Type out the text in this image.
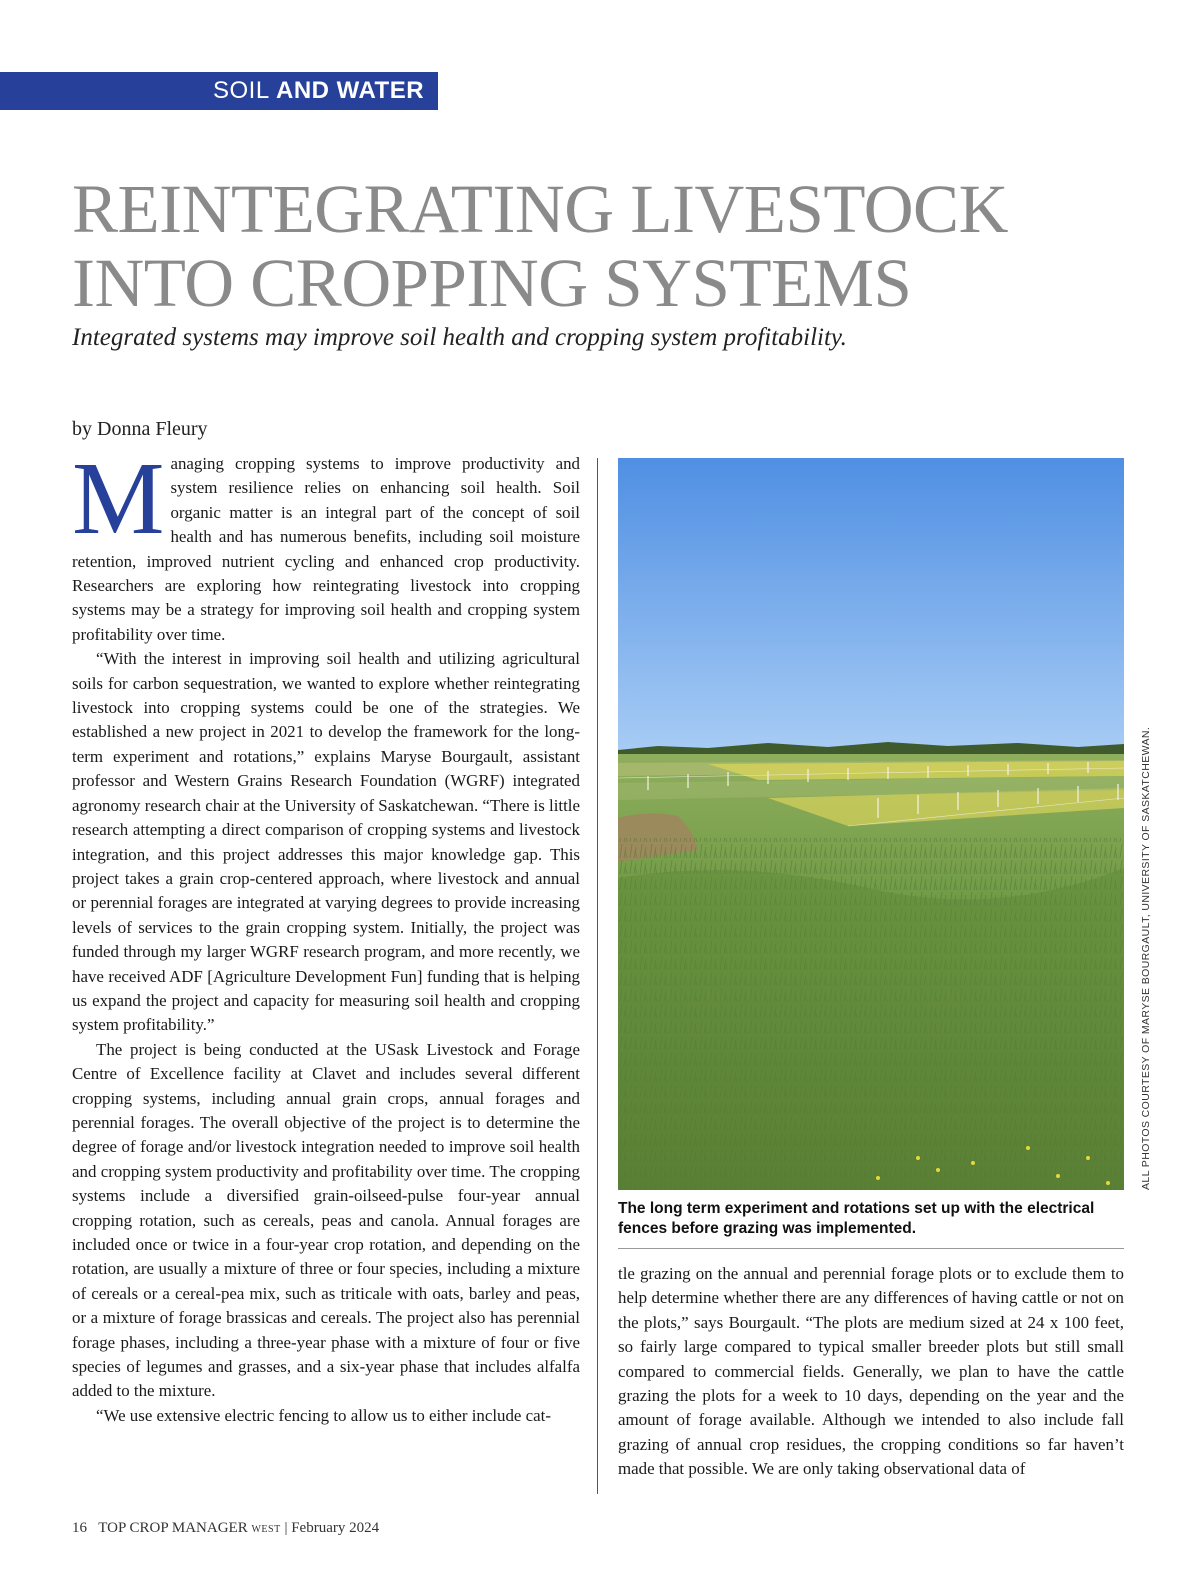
SOIL AND WATER
REINTEGRATING LIVESTOCK
INTO CROPPING SYSTEMS
Integrated systems may improve soil health and cropping system profitability.
by Donna Fleury

Managing cropping systems to improve productivity and system resilience relies on enhancing soil health. Soil organic matter is an integral part of the concept of soil health and has numerous benefits, including soil moisture retention, improved nutrient cycling and enhanced crop productivity. Researchers are exploring how reintegrating livestock into cropping systems may be a strategy for improving soil health and cropping system profitability over time.

“With the interest in improving soil health and utilizing agricultural soils for carbon sequestration, we wanted to explore whether reintegrating livestock into cropping systems could be one of the strategies. We established a new project in 2021 to develop the framework for the long-term experiment and rotations,” explains Maryse Bourgault, assistant professor and Western Grains Research Foundation (WGRF) integrated agronomy research chair at the University of Saskatchewan. “There is little research attempting a direct comparison of cropping systems and livestock integration, and this project addresses this major knowledge gap. This project takes a grain crop-centered approach, where livestock and annual or perennial forages are integrated at varying degrees to provide increasing levels of services to the grain cropping system. Initially, the project was funded through my larger WGRF research program, and more recently, we have received ADF [Agriculture Development Fun] funding that is helping us expand the project and capacity for measuring soil health and cropping system profitability.”

The project is being conducted at the USask Livestock and Forage Centre of Excellence facility at Clavet and includes several different cropping systems, including annual grain crops, annual forages and perennial forages. The overall objective of the project is to determine the degree of forage and/or livestock integration needed to improve soil health and cropping system productivity and profitability over time. The cropping systems include a diversified grain-oilseed-pulse four-year annual cropping rotation, such as cereals, peas and canola. Annual forages are included once or twice in a four-year crop rotation, and depending on the rotation, are usually a mixture of three or four species, including a mixture of cereals or a cereal-pea mix, such as triticale with oats, barley and peas, or a mixture of forage brassicas and cereals. The project also has perennial forage phases, including a three-year phase with a mixture of four or five species of legumes and grasses, and a six-year phase that includes alfalfa added to the mixture.

“We use extensive electric fencing to allow us to either include cat-

ALL PHOTOS COURTESY OF MARYSE BOURGAULT, UNIVERSITY OF SASKATCHEWAN.
The long term experiment and rotations set up with the electrical fences before grazing was implemented.

tle grazing on the annual and perennial forage plots or to exclude them to help determine whether there are any differences of having cattle or not on the plots,” says Bourgault. “The plots are medium sized at 24 x 100 feet, so fairly large compared to typical smaller breeder plots but still small compared to commercial fields. Generally, we plan to have the cattle grazing the plots for a week to 10 days, depending on the year and the amount of forage available. Although we intended to also include fall grazing of annual crop residues, the cropping conditions so far haven’t made that possible. We are only taking observational data of

16 TOP CROP MANAGER WEST | February 2024
